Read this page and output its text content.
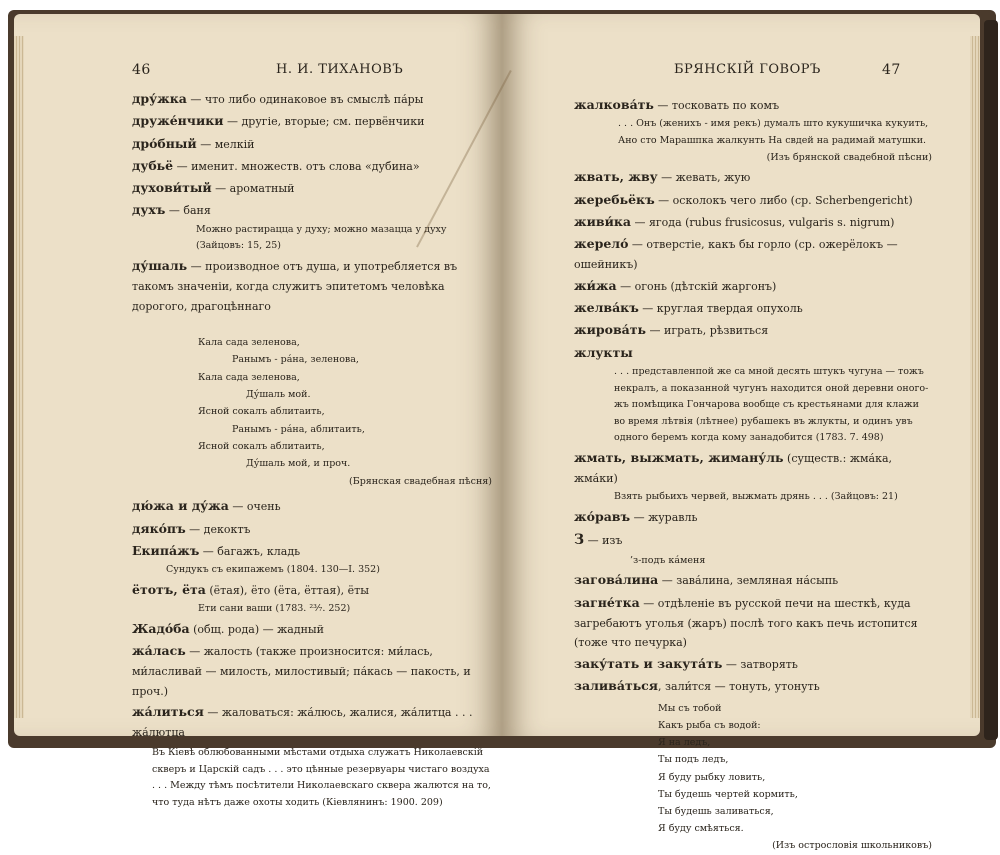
46	Н. И. ТИХАНОВЪ

дру́жка — что либо одинаковое въ смыслѣ па́ры

друже́нчики — другіе, вторые; см. первёнчики

дро́бный — мелкій

дубьё — именит. множеств. отъ слова «дубина»

духови́тый — ароматный

духъ — баня

Можно растирацца у духу; можно мазацца у духу (Зайцовъ: 15, 25)

ду́шаль — производное отъ душа, и употребляется въ такомъ значеніи, когда служитъ эпитетомъ человѣка дорогого, драгоцѣннаго

Кала сада зеленова,

Ранымъ - ра́на, зеленова,

Кала сада зеленова,

Ду́шаль мой.

Ясной сокалъ аблитаить,

Ранымъ - ра́на, аблитаить,

Ясной сокалъ аблитаить,

Ду́шаль мой, и проч.

(Брянская свадебная пѣсня)

дю́жа и ду́жа — очень

дяко́пъ — декоктъ

Екипа́жъ — багажъ, кладь

Сундукъ съ екипажемъ (1804. 130—I. 352)

ётотъ, ёта (ётая), ёто (ёта, ёттая), ёты

Ети сани ваши (1783. ²³⁄₇. 252)

Жадо́ба (общ. рода) — жадный

жа́лась — жалость (также произносится: ми́лась, ми́ласливай — милость, милостивый; па́кась — пакость, и проч.)

жа́литься — жаловаться: жа́люсь, жалися, жа́литца . . . жа́лютца

Въ Кіевѣ облюбованными мѣстами отдыха служатъ Николаевскій скверъ и Царскій садъ . . . это цѣнные резервуары чистаго воздуха . . . Между тѣмъ посѣтители Николаевскаго сквера жалются на то, что туда нѣтъ даже охоты ходить (Кіевлянинъ: 1900. 209)

БРЯНСКІЙ ГОВОРЪ	47

жалкова́ть — тосковать по комъ

. . . Онъ (женихъ - имя рекъ) думалъ што кукушичка кукуить, Ано сто Марашпка жалкунть На свдей на радимай матушки.

(Изъ брянской свадебной пѣсни)

жвать, жву — жевать, жую

жеребьёкъ — осколокъ чего либо (ср. Scherbengericht)

живи́ка — ягода (rubus frusicosus, vulgaris s. nigrum)

жерело́ — отверстіе, какъ бы горло (ср. ожерёлокъ — ошейникъ)

жи́жа — огонь (дѣтскій жаргонъ)

желва́къ — круглая твердая опухоль

жирова́ть — играть, рѣзвиться

жлукты

. . . представленпой же са мной десять штукъ чугуна — тожъ некралъ, а показанной чугунъ находится оной деревни оного-жъ помѣщика Гончарова вообще съ крестьянами для клажи во время лѣтвія (лѣтнее) рубашекъ въ жлукты, и одинъ увъ одного беремъ когда кому занадобится (1783. 7. 498)

жмать, выжмать, жиману́ль (существ.: жма́ка, жма́ки)

Взять рыбьихъ червей, выжмать дрянь . . . (Зайцовъ: 21)

жо́равъ — журавль

З — изъ

’з-подъ ка́меня

загова́лина — зава́лина, земляная на́сыпь

загне́тка — отдѣленіе въ русской печи на шесткѣ, куда загребаютъ уголья (жаръ) послѣ того какъ печь истопится (тоже что печурка)

заку́тать и закута́ть — затворять

залива́ться, зали́тся — тонуть, утонуть

Мы съ тобой

Какъ рыба съ водой:

Я на ледъ,

Ты подъ ледъ,

Я буду рыбку ловить,

Ты будешь чертей кормить,

Ты будешь заливаться,

Я буду смѣяться.

(Изъ острословія школьниковъ)
